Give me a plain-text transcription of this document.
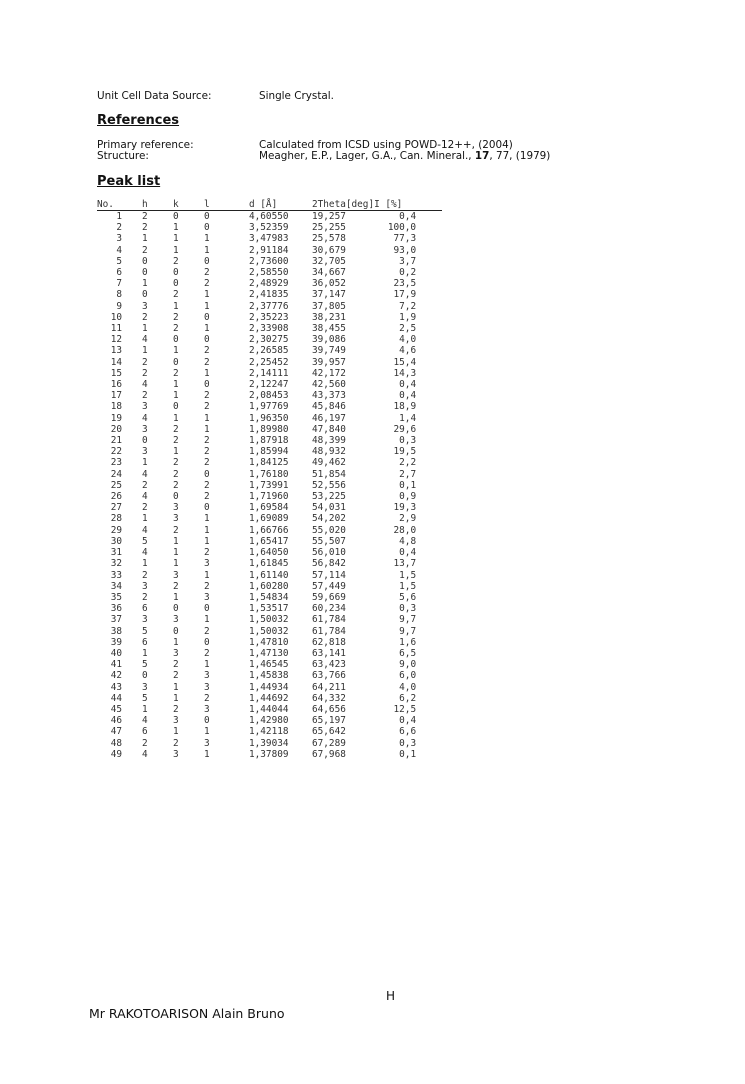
Unit Cell Data Source:	Single Crystal.
References
Primary reference:	Calculated from ICSD using POWD-12++, (2004)
Structure:	Meagher, E.P., Lager, G.A., Can. Mineral., 17, 77, (1979)
Peak list
No.	h	k	l	d [Å]	2Theta[deg]	I [%]
1	2	0	0	4,60550	19,257	0,4
2	2	1	0	3,52359	25,255	100,0
3	1	1	1	3,47983	25,578	77,3
4	2	1	1	2,91184	30,679	93,0
5	0	2	0	2,73600	32,705	3,7
6	0	0	2	2,58550	34,667	0,2
7	1	0	2	2,48929	36,052	23,5
8	0	2	1	2,41835	37,147	17,9
9	3	1	1	2,37776	37,805	7,2
10	2	2	0	2,35223	38,231	1,9
11	1	2	1	2,33908	38,455	2,5
12	4	0	0	2,30275	39,086	4,0
13	1	1	2	2,26585	39,749	4,6
14	2	0	2	2,25452	39,957	15,4
15	2	2	1	2,14111	42,172	14,3
16	4	1	0	2,12247	42,560	0,4
17	2	1	2	2,08453	43,373	0,4
18	3	0	2	1,97769	45,846	18,9
19	4	1	1	1,96350	46,197	1,4
20	3	2	1	1,89980	47,840	29,6
21	0	2	2	1,87918	48,399	0,3
22	3	1	2	1,85994	48,932	19,5
23	1	2	2	1,84125	49,462	2,2
24	4	2	0	1,76180	51,854	2,7
25	2	2	2	1,73991	52,556	0,1
26	4	0	2	1,71960	53,225	0,9
27	2	3	0	1,69584	54,031	19,3
28	1	3	1	1,69089	54,202	2,9
29	4	2	1	1,66766	55,020	28,0
30	5	1	1	1,65417	55,507	4,8
31	4	1	2	1,64050	56,010	0,4
32	1	1	3	1,61845	56,842	13,7
33	2	3	1	1,61140	57,114	1,5
34	3	2	2	1,60280	57,449	1,5
35	2	1	3	1,54834	59,669	5,6
36	6	0	0	1,53517	60,234	0,3
37	3	3	1	1,50032	61,784	9,7
38	5	0	2	1,50032	61,784	9,7
39	6	1	0	1,47810	62,818	1,6
40	1	3	2	1,47130	63,141	6,5
41	5	2	1	1,46545	63,423	9,0
42	0	2	3	1,45838	63,766	6,0
43	3	1	3	1,44934	64,211	4,0
44	5	1	2	1,44692	64,332	6,2
45	1	2	3	1,44044	64,656	12,5
46	4	3	0	1,42980	65,197	0,4
47	6	1	1	1,42118	65,642	6,6
48	2	2	3	1,39034	67,289	0,3
49	4	3	1	1,37809	67,968	0,1
H
Mr RAKOTOARISON Alain Bruno
